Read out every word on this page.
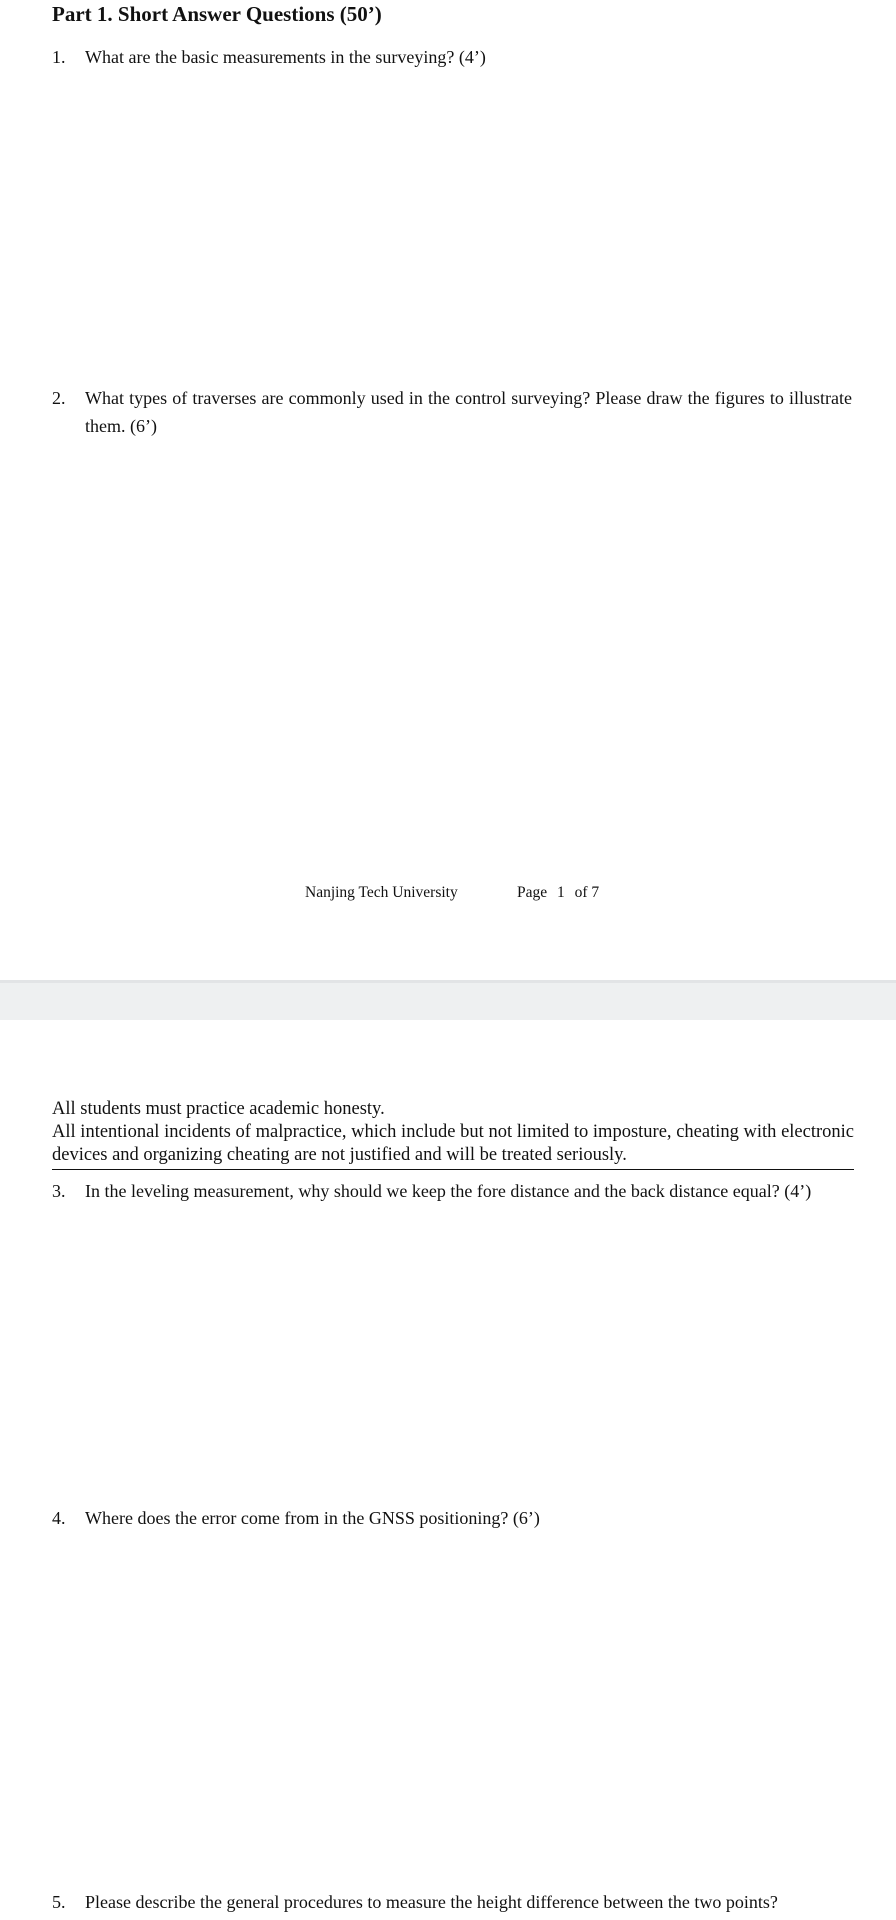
Part 1. Short Answer Questions (50’)
1.	What are the basic measurements in the surveying? (4’)
2.	What types of traverses are commonly used in the control surveying? Please draw the figures to illustrate them. (6’)
Nanjing Tech University	Page 1 of 7

All students must practice academic honesty.

All intentional incidents of malpractice, which include but not limited to imposture, cheating with electronic devices and organizing cheating are not justified and will be treated seriously.

3.	In the leveling measurement, why should we keep the fore distance and the back distance equal? (4’)
4.	Where does the error come from in the GNSS positioning? (6’)
5.	Please describe the general procedures to measure the height difference between the two points?
